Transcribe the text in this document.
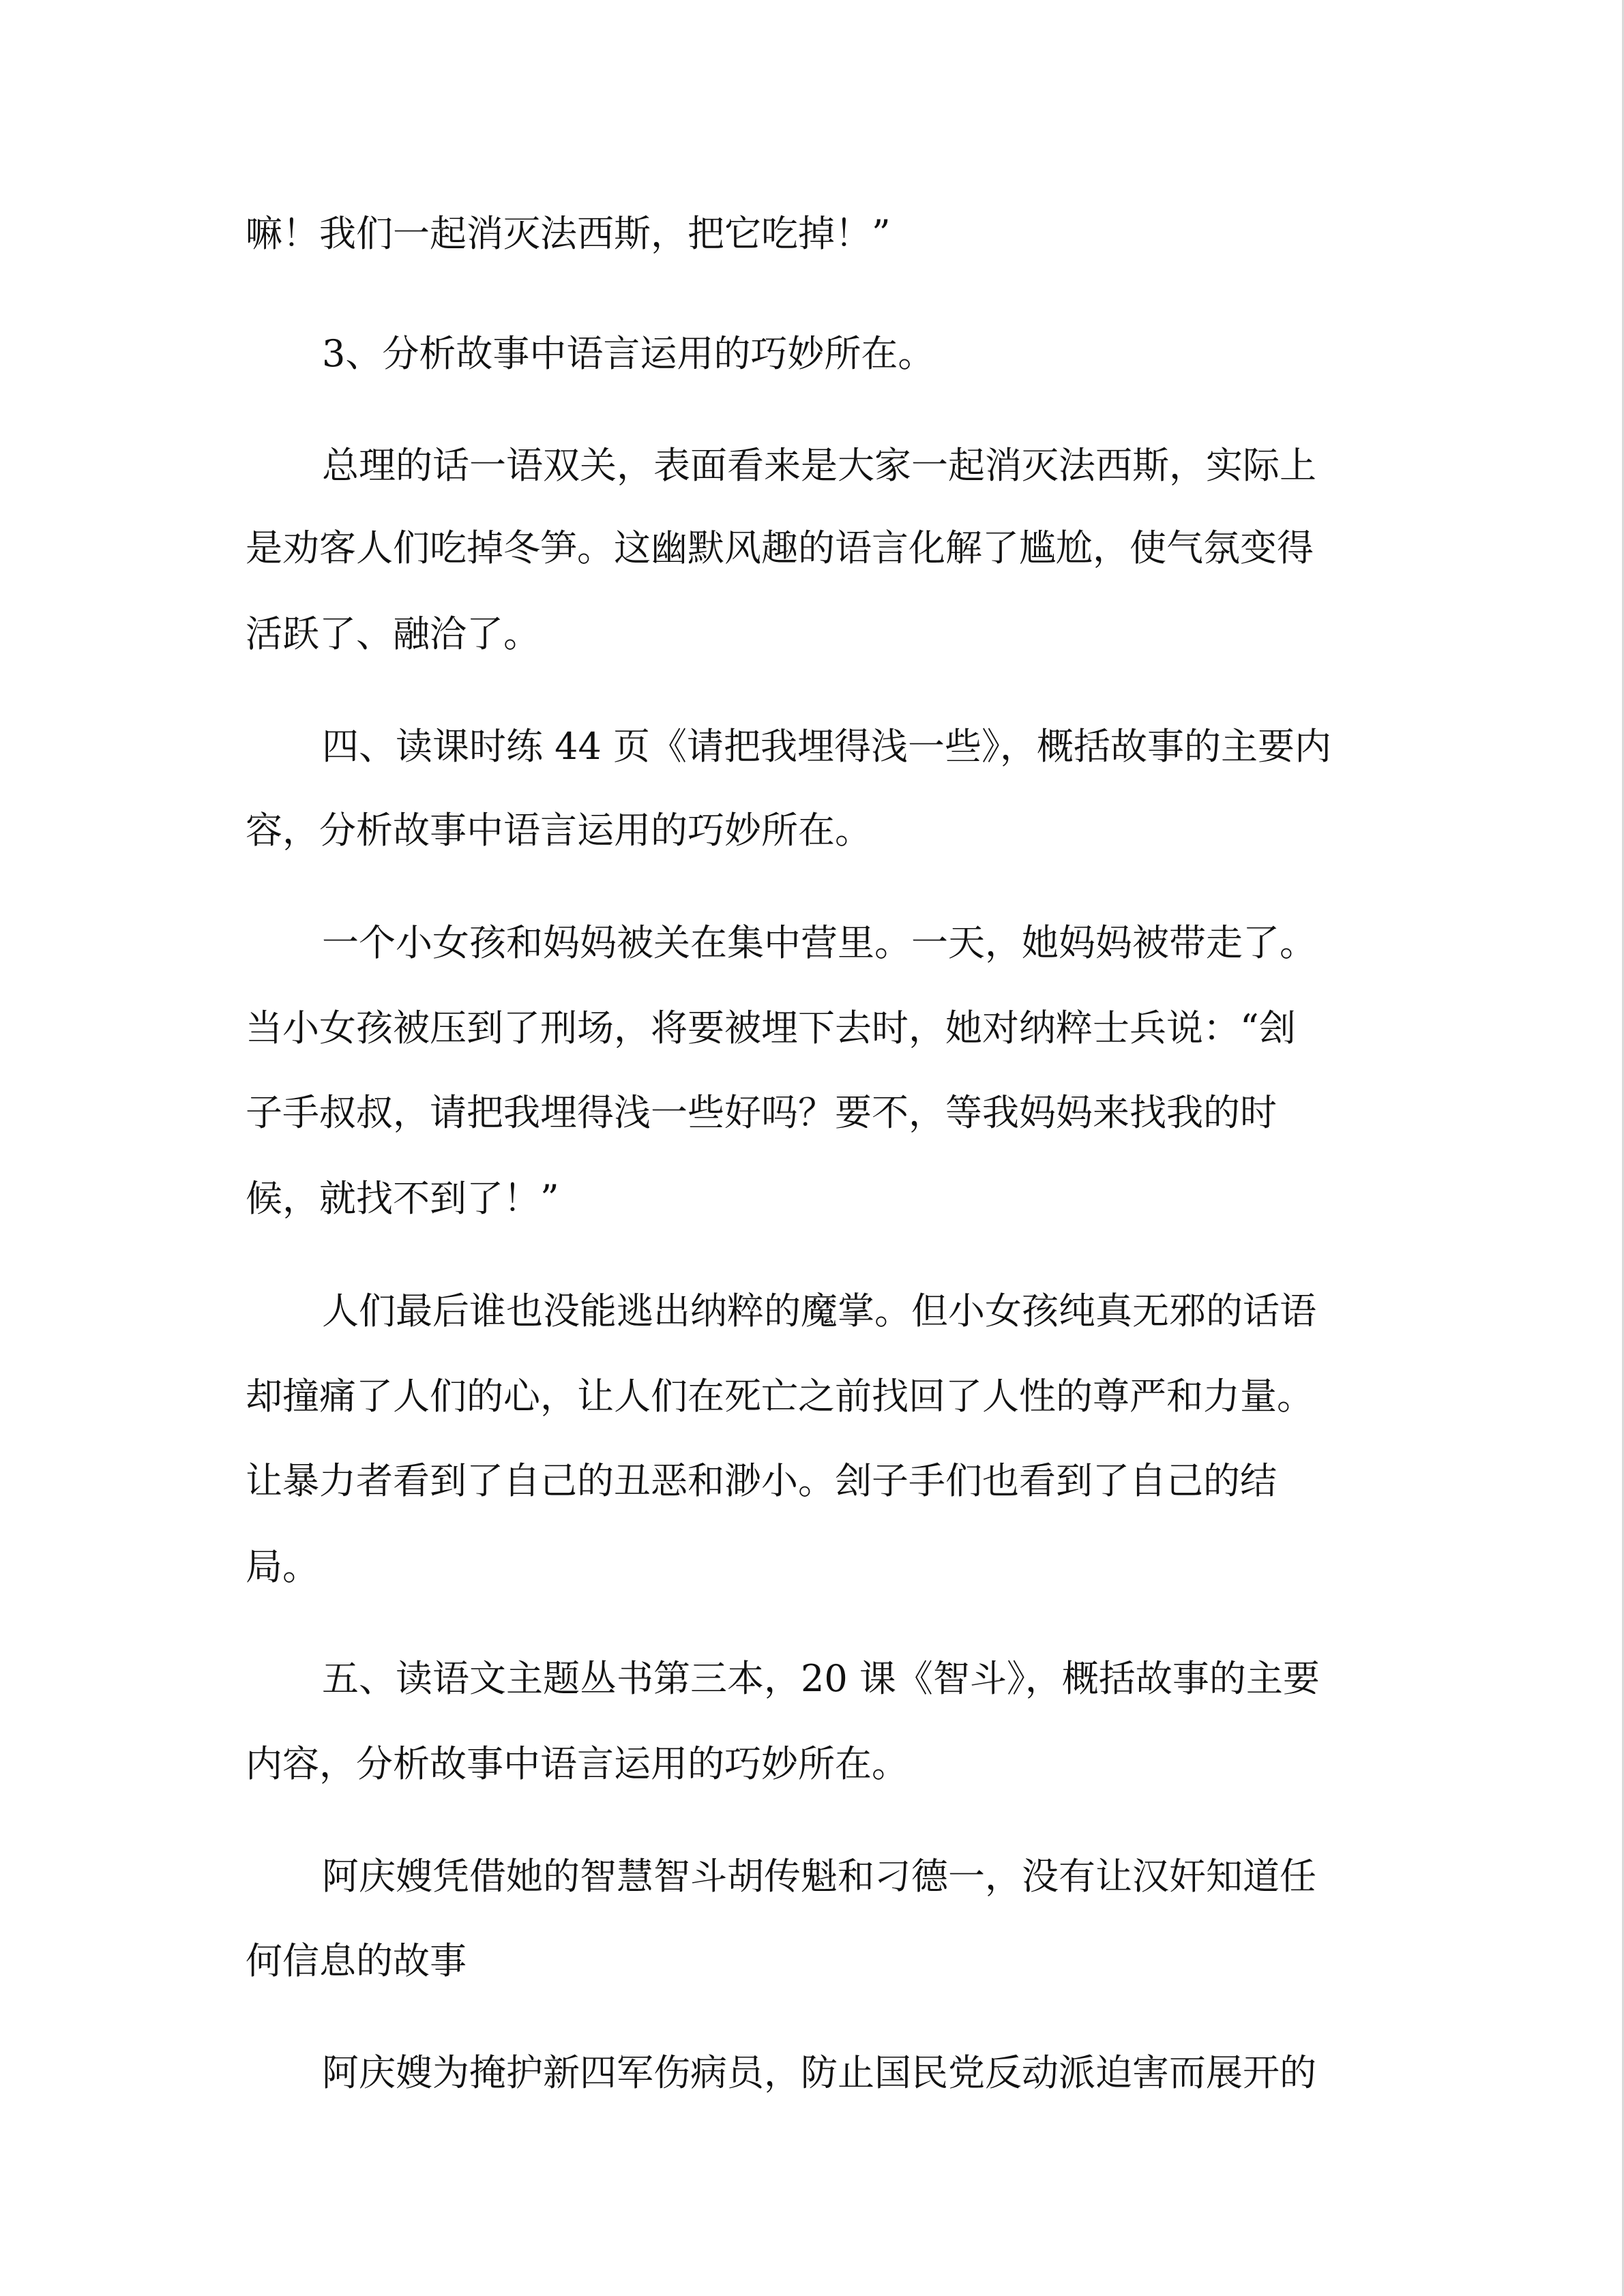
嘛！我们一起消灭法西斯，把它吃掉！”
3、分析故事中语言运用的巧妙所在。
总理的话一语双关，表面看来是大家一起消灭法西斯，实际上
是劝客人们吃掉冬笋。这幽默风趣的语言化解了尴尬，使气氛变得
活跃了、融洽了。
四、读课时练 44 页《请把我埋得浅一些》，概括故事的主要内
容，分析故事中语言运用的巧妙所在。
一个小女孩和妈妈被关在集中营里。一天，她妈妈被带走了。
当小女孩被压到了刑场，将要被埋下去时，她对纳粹士兵说：“刽
子手叔叔，请把我埋得浅一些好吗？要不，等我妈妈来找我的时
候，就找不到了！”
人们最后谁也没能逃出纳粹的魔掌。但小女孩纯真无邪的话语
却撞痛了人们的心，让人们在死亡之前找回了人性的尊严和力量。
让暴力者看到了自己的丑恶和渺小。刽子手们也看到了自己的结
局。
五、读语文主题丛书第三本，20 课《智斗》，概括故事的主要
内容，分析故事中语言运用的巧妙所在。
阿庆嫂凭借她的智慧智斗胡传魁和刁德一，没有让汉奸知道任
何信息的故事
阿庆嫂为掩护新四军伤病员，防止国民党反动派迫害而展开的
